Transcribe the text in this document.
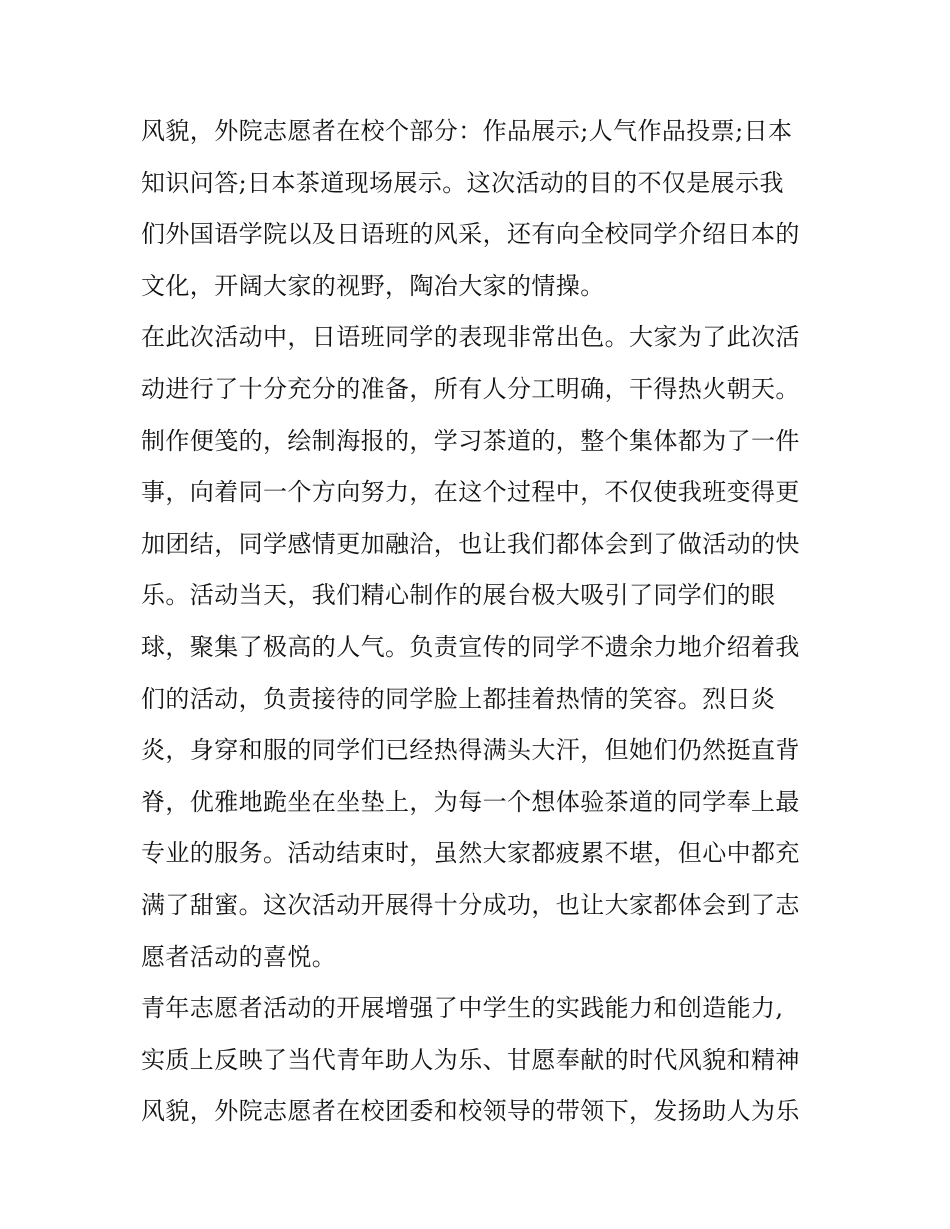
风貌，外院志愿者在校个部分：作品展示;人气作品投票;日本
知识问答;日本茶道现场展示。这次活动的目的不仅是展示我
们外国语学院以及日语班的风采，还有向全校同学介绍日本的
文化，开阔大家的视野，陶冶大家的情操。
在此次活动中，日语班同学的表现非常出色。大家为了此次活
动进行了十分充分的准备，所有人分工明确，干得热火朝天。
制作便笺的，绘制海报的，学习茶道的，整个集体都为了一件
事，向着同一个方向努力，在这个过程中，不仅使我班变得更
加团结，同学感情更加融洽，也让我们都体会到了做活动的快
乐。活动当天，我们精心制作的展台极大吸引了同学们的眼
球，聚集了极高的人气。负责宣传的同学不遗余力地介绍着我
们的活动，负责接待的同学脸上都挂着热情的笑容。烈日炎
炎，身穿和服的同学们已经热得满头大汗，但她们仍然挺直背
脊，优雅地跪坐在坐垫上，为每一个想体验茶道的同学奉上最
专业的服务。活动结束时，虽然大家都疲累不堪，但心中都充
满了甜蜜。这次活动开展得十分成功，也让大家都体会到了志
愿者活动的喜悦。
青年志愿者活动的开展增强了中学生的实践能力和创造能力,
实质上反映了当代青年助人为乐、甘愿奉献的时代风貌和精神
风貌，外院志愿者在校团委和校领导的带领下，发扬助人为乐
